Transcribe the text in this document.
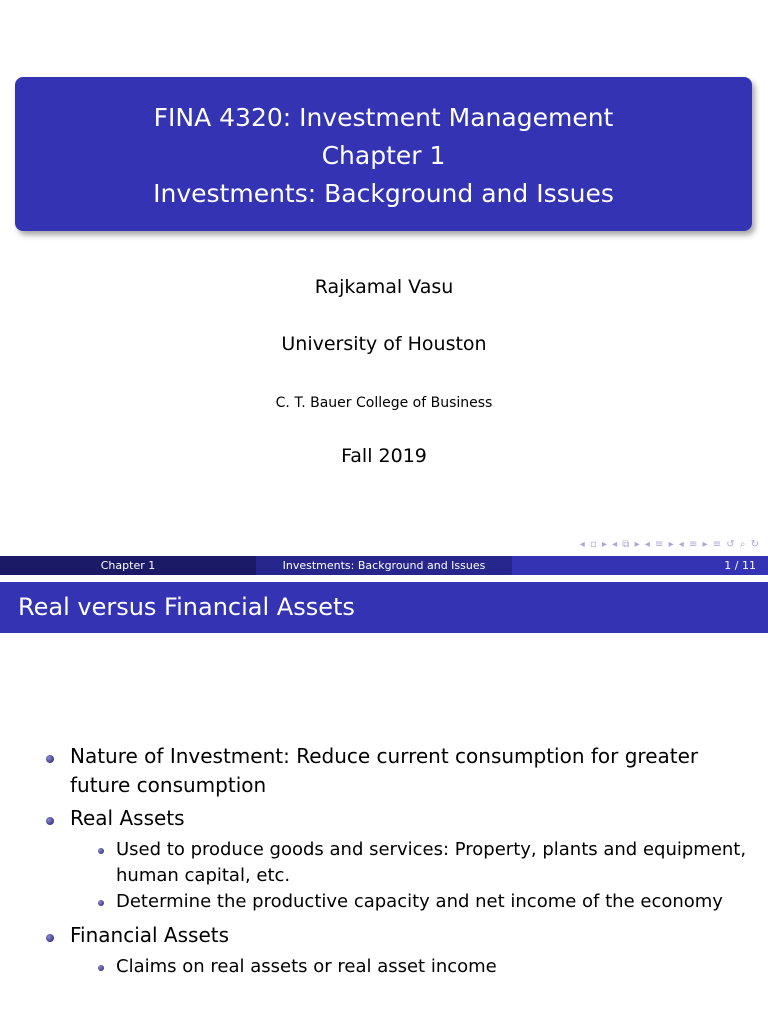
FINA 4320: Investment Management
Chapter 1
Investments: Background and Issues
Rajkamal Vasu
University of Houston
C. T. Bauer College of Business
Fall 2019
◂ ▫ ▸ ◂ ⧉ ▸ ◂ ≡ ▸ ◂ ≡ ▸ ≡ ↺ ⌕ ↻
Chapter 1	Investments: Background and Issues	1 / 11
Real versus Financial Assets
Nature of Investment: Reduce current consumption for greater future consumption
Real Assets
Used to produce goods and services: Property, plants and equipment, human capital, etc.
Determine the productive capacity and net income of the economy
Financial Assets
Claims on real assets or real asset income
